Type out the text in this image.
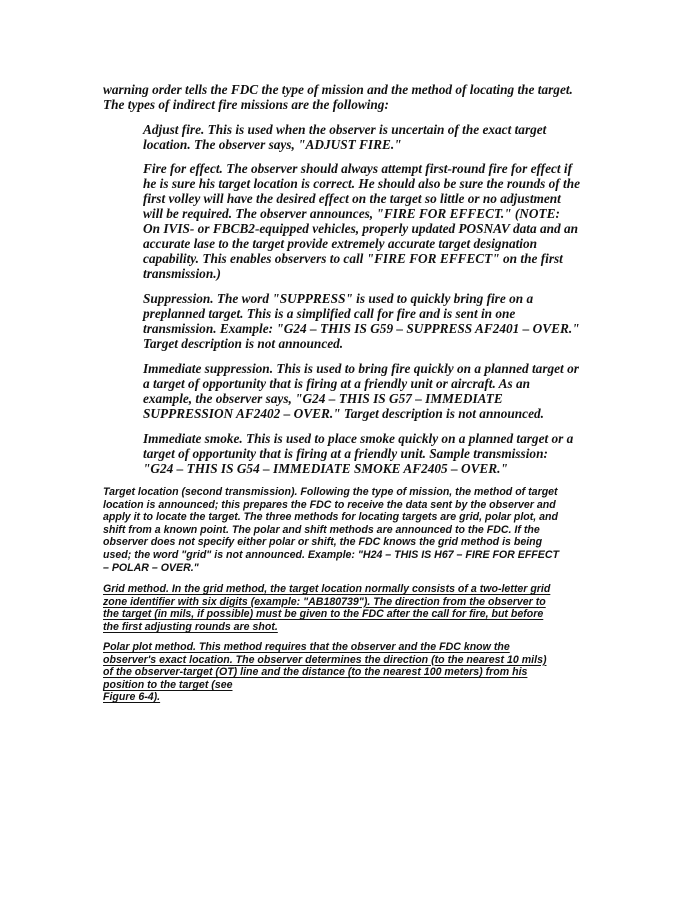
warning order tells the FDC the type of mission and the method of locating the target.
The types of indirect fire missions are the following:
Adjust fire. This is used when the observer is uncertain of the exact target
location. The observer says, "ADJUST FIRE."
Fire for effect. The observer should always attempt first-round fire for effect if
he is sure his target location is correct. He should also be sure the rounds of the
first volley will have the desired effect on the target so little or no adjustment
will be required. The observer announces, "FIRE FOR EFFECT." (NOTE:
On IVIS- or FBCB2-equipped vehicles, properly updated POSNAV data and an
accurate lase to the target provide extremely accurate target designation
capability. This enables observers to call "FIRE FOR EFFECT" on the first
transmission.)
Suppression. The word "SUPPRESS" is used to quickly bring fire on a
preplanned target. This is a simplified call for fire and is sent in one
transmission. Example: "G24 – THIS IS G59 – SUPPRESS AF2401 – OVER."
Target description is not announced.
Immediate suppression. This is used to bring fire quickly on a planned target or
a target of opportunity that is firing at a friendly unit or aircraft. As an
example, the observer says, "G24 – THIS IS G57 – IMMEDIATE
SUPPRESSION AF2402 – OVER." Target description is not announced.
Immediate smoke. This is used to place smoke quickly on a planned target or a
target of opportunity that is firing at a friendly unit. Sample transmission:
"G24 – THIS IS G54 – IMMEDIATE SMOKE AF2405 – OVER."
Target location (second transmission). Following the type of mission, the method of target
location is announced; this prepares the FDC to receive the data sent by the observer and
apply it to locate the target. The three methods for locating targets are grid, polar plot, and
shift from a known point. The polar and shift methods are announced to the FDC. If the
observer does not specify either polar or shift, the FDC knows the grid method is being
used; the word "grid" is not announced. Example: "H24 – THIS IS H67 – FIRE FOR EFFECT
– POLAR – OVER."
Grid method. In the grid method, the target location normally consists of a two-letter grid
zone identifier with six digits (example: "AB180739"). The direction from the observer to
the target (in mils, if possible) must be given to the FDC after the call for fire, but before
the first adjusting rounds are shot.
Polar plot method. This method requires that the observer and the FDC know the
observer's exact location. The observer determines the direction (to the nearest 10 mils)
of the observer-target (OT) line and the distance (to the nearest 100 meters) from his
position to the target (see
Figure 6-4).
